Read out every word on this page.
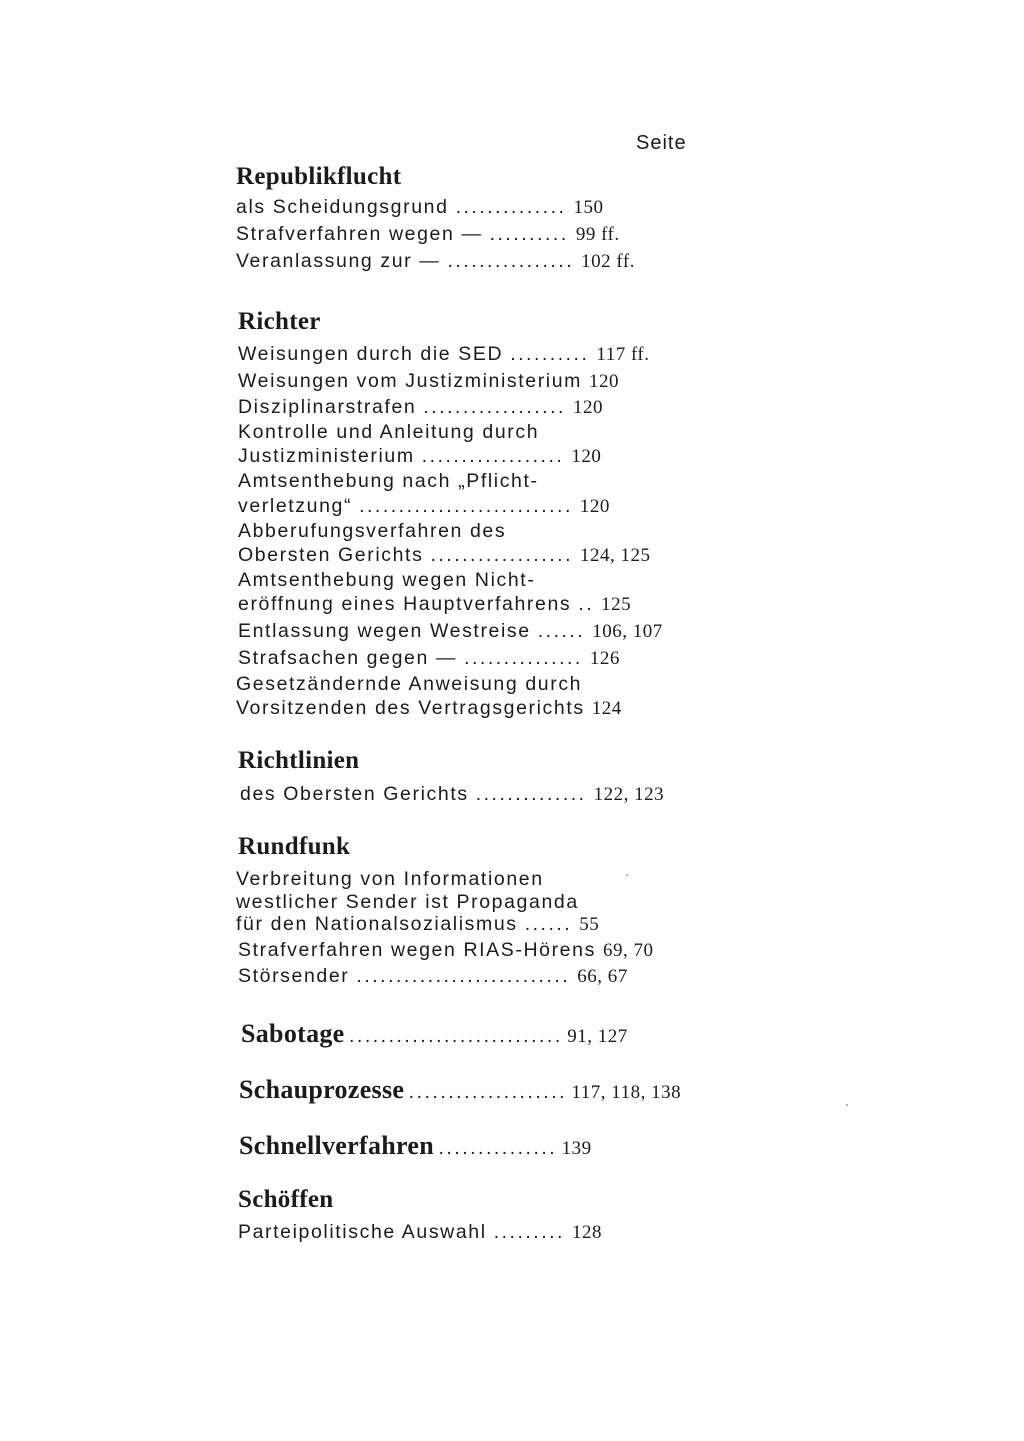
Seite
Republikflucht
als Scheidungsgrund .............. 150
Strafverfahren wegen — .......... 99 ff.
Veranlassung zur — ................ 102 ff.
Richter
Weisungen durch die SED .......... 117 ff.
Weisungen vom Justizministerium 120
Disziplinarstrafen .................. 120
Kontrolle und Anleitung durch
Justizministerium .................. 120
Amtsenthebung nach „Pflicht-
verletzung“ ........................... 120
Abberufungsverfahren des
Obersten Gerichts .................. 124, 125
Amtsenthebung wegen Nicht-
eröffnung eines Hauptverfahrens .. 125
Entlassung wegen Westreise ...... 106, 107
Strafsachen gegen — ............... 126
Gesetzändernde Anweisung durch
Vorsitzenden des Vertragsgerichts 124
Richtlinien
des Obersten Gerichts .............. 122, 123
Rundfunk
Verbreitung von Informationen
westlicher Sender ist Propaganda
für den Nationalsozialismus ...... 55
Strafverfahren wegen RIAS-Hörens 69, 70
Störsender ........................... 66, 67
Sabotage ........................... 91, 127
Schauprozesse .................... 117, 118, 138
Schnellverfahren ............... 139
Schöffen
Parteipolitische Auswahl ......... 128
